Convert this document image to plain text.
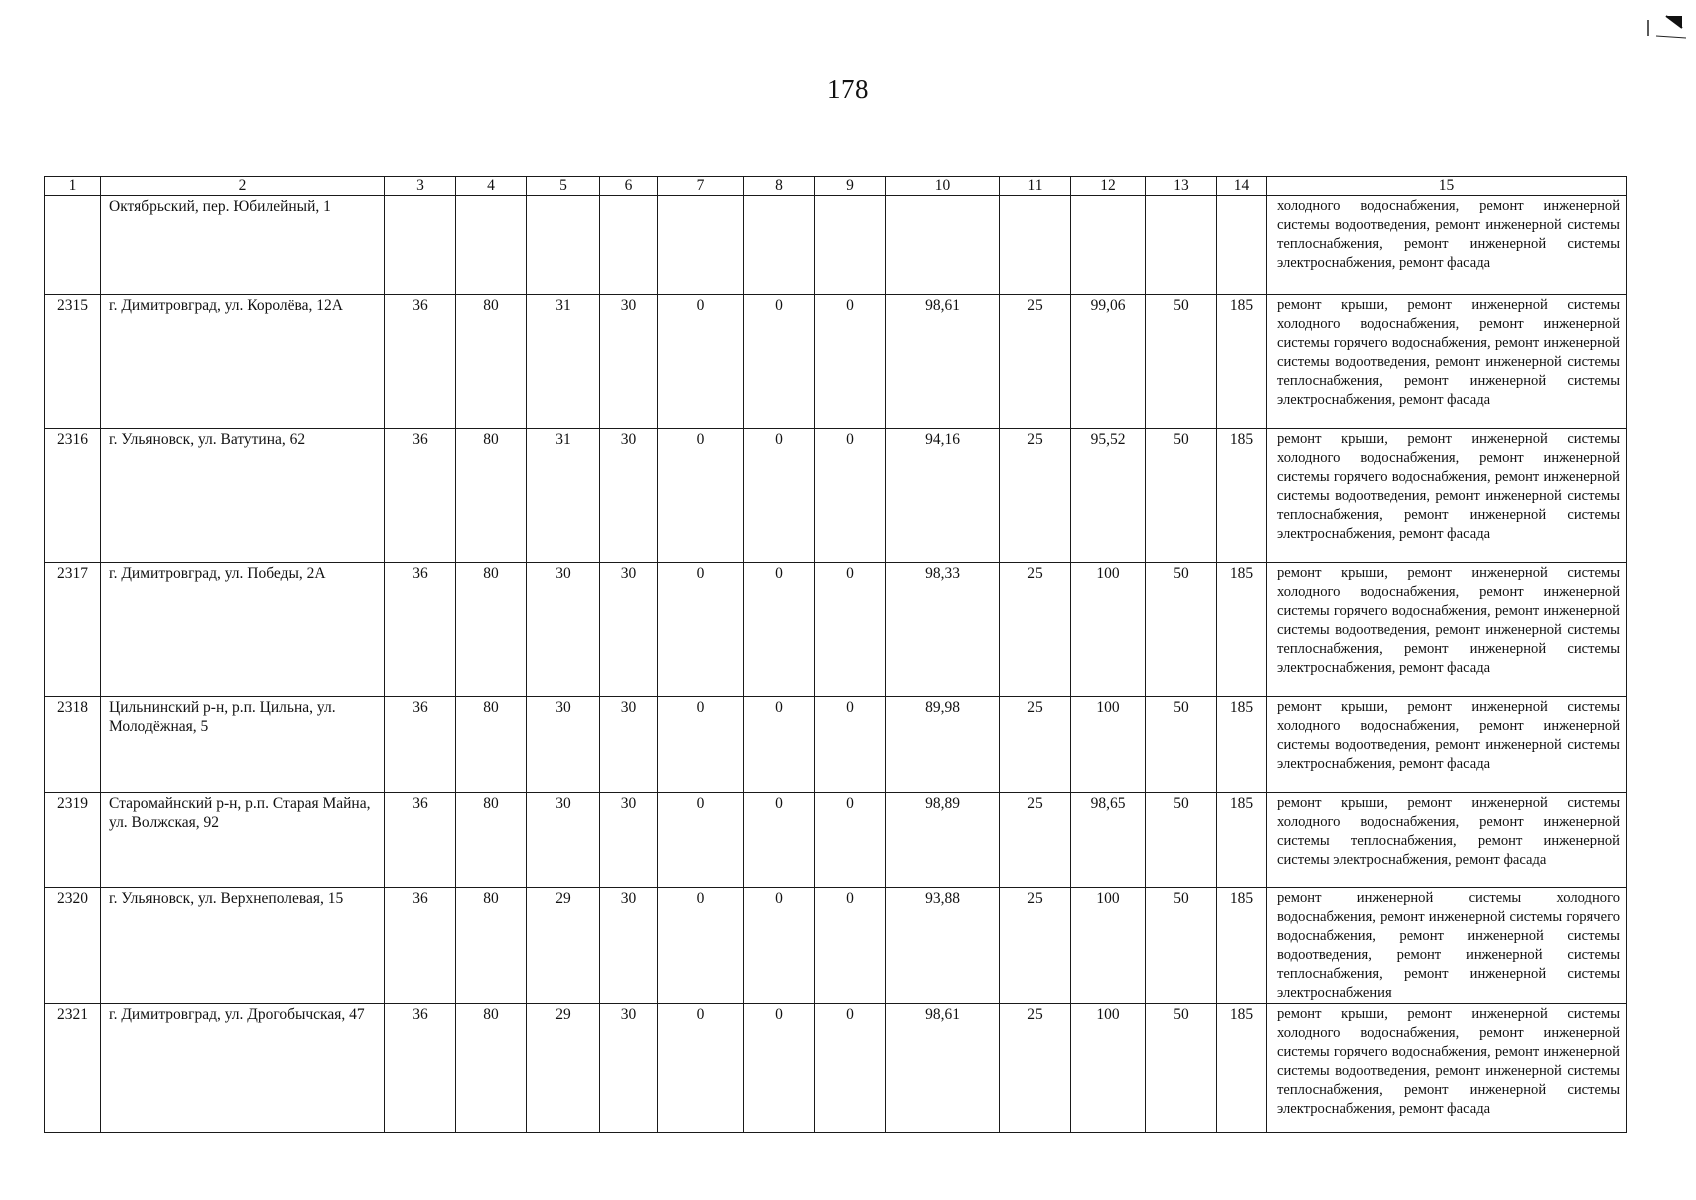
178
1	2	3	4	5	6	7	8	9	10	11	12	13	14	15
	Октябрьский, пер. Юбилейный, 1													холодного водоснабжения, ремонт инженерной системы водоотведения, ремонт инженерной системы теплоснабжения, ремонт инженерной системы электроснабжения, ремонт фасада
2315	г. Димитровград, ул. Королёва, 12А	36	80	31	30	0	0	0	98,61	25	99,06	50	185	ремонт крыши, ремонт инженерной системы холодного водоснабжения, ремонт инженерной системы горячего водоснабжения, ремонт инженерной системы водоотведения, ремонт инженерной системы теплоснабжения, ремонт инженерной системы электроснабжения, ремонт фасада
2316	г. Ульяновск, ул. Ватутина, 62	36	80	31	30	0	0	0	94,16	25	95,52	50	185	ремонт крыши, ремонт инженерной системы холодного водоснабжения, ремонт инженерной системы горячего водоснабжения, ремонт инженерной системы водоотведения, ремонт инженерной системы теплоснабжения, ремонт инженерной системы электроснабжения, ремонт фасада
2317	г. Димитровград, ул. Победы, 2А	36	80	30	30	0	0	0	98,33	25	100	50	185	ремонт крыши, ремонт инженерной системы холодного водоснабжения, ремонт инженерной системы горячего водоснабжения, ремонт инженерной системы водоотведения, ремонт инженерной системы теплоснабжения, ремонт инженерной системы электроснабжения, ремонт фасада
2318	Цильнинский р-н, р.п. Цильна, ул. Молодёжная, 5	36	80	30	30	0	0	0	89,98	25	100	50	185	ремонт крыши, ремонт инженерной системы холодного водоснабжения, ремонт инженерной системы водоотведения, ремонт инженерной системы электроснабжения, ремонт фасада
2319	Старомайнский р-н, р.п. Старая Майна, ул. Волжская, 92	36	80	30	30	0	0	0	98,89	25	98,65	50	185	ремонт крыши, ремонт инженерной системы холодного водоснабжения, ремонт инженерной системы теплоснабжения, ремонт инженерной системы электроснабжения, ремонт фасада
2320	г. Ульяновск, ул. Верхнеполевая, 15	36	80	29	30	0	0	0	93,88	25	100	50	185	ремонт инженерной системы холодного водоснабжения, ремонт инженерной системы горячего водоснабжения, ремонт инженерной системы водоотведения, ремонт инженерной системы теплоснабжения, ремонт инженерной системы электроснабжения
2321	г. Димитровград, ул. Дрогобычская, 47	36	80	29	30	0	0	0	98,61	25	100	50	185	ремонт крыши, ремонт инженерной системы холодного водоснабжения, ремонт инженерной системы горячего водоснабжения, ремонт инженерной системы водоотведения, ремонт инженерной системы теплоснабжения, ремонт инженерной системы электроснабжения, ремонт фасада
